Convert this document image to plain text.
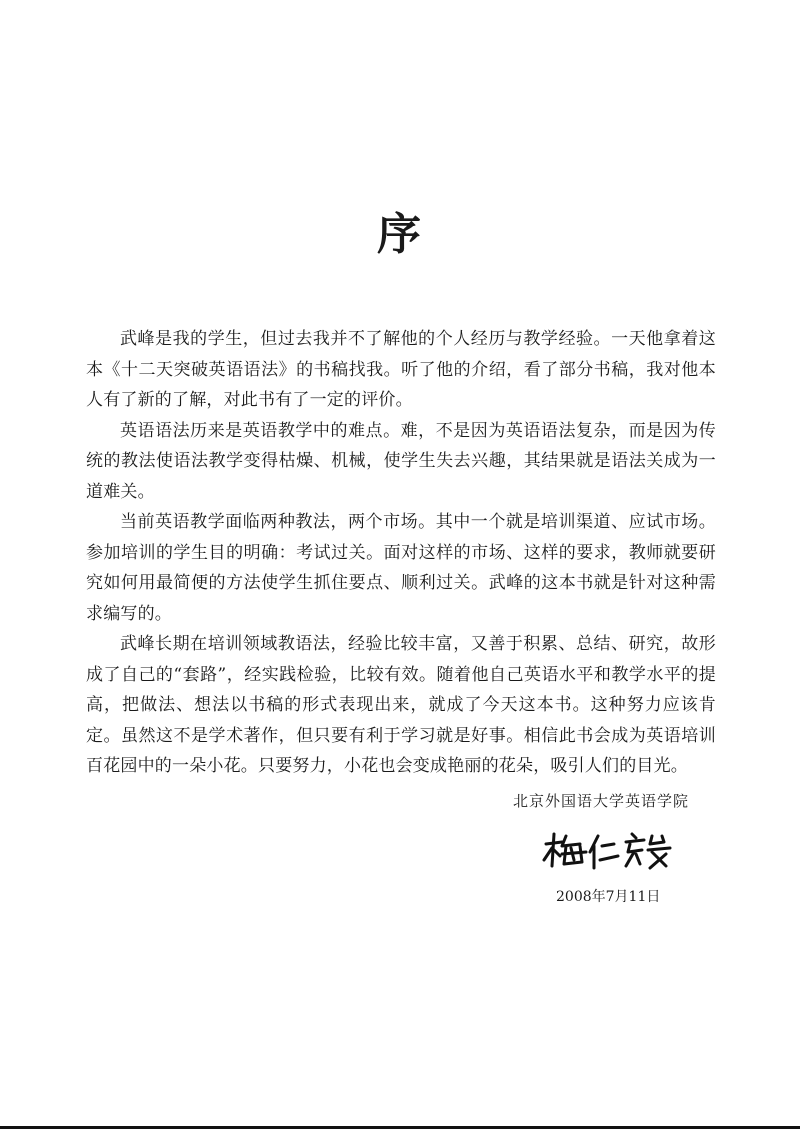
序

武峰是我的学生，但过去我并不了解他的个人经历与教学经验。一天他拿着这本《十二天突破英语语法》的书稿找我。听了他的介绍，看了部分书稿，我对他本人有了新的了解，对此书有了一定的评价。

英语语法历来是英语教学中的难点。难，不是因为英语语法复杂，而是因为传统的教法使语法教学变得枯燥、机械，使学生失去兴趣，其结果就是语法关成为一道难关。

当前英语教学面临两种教法，两个市场。其中一个就是培训渠道、应试市场。参加培训的学生目的明确：考试过关。面对这样的市场、这样的要求，教师就要研究如何用最简便的方法使学生抓住要点、顺利过关。武峰的这本书就是针对这种需求编写的。

武峰长期在培训领域教语法，经验比较丰富，又善于积累、总结、研究，故形成了自己的“套路”，经实践检验，比较有效。随着他自己英语水平和教学水平的提高，把做法、想法以书稿的形式表现出来，就成了今天这本书。这种努力应该肯定。虽然这不是学术著作，但只要有利于学习就是好事。相信此书会成为英语培训百花园中的一朵小花。只要努力，小花也会变成艳丽的花朵，吸引人们的目光。

北京外国语大学英语学院
2008年7月11日
